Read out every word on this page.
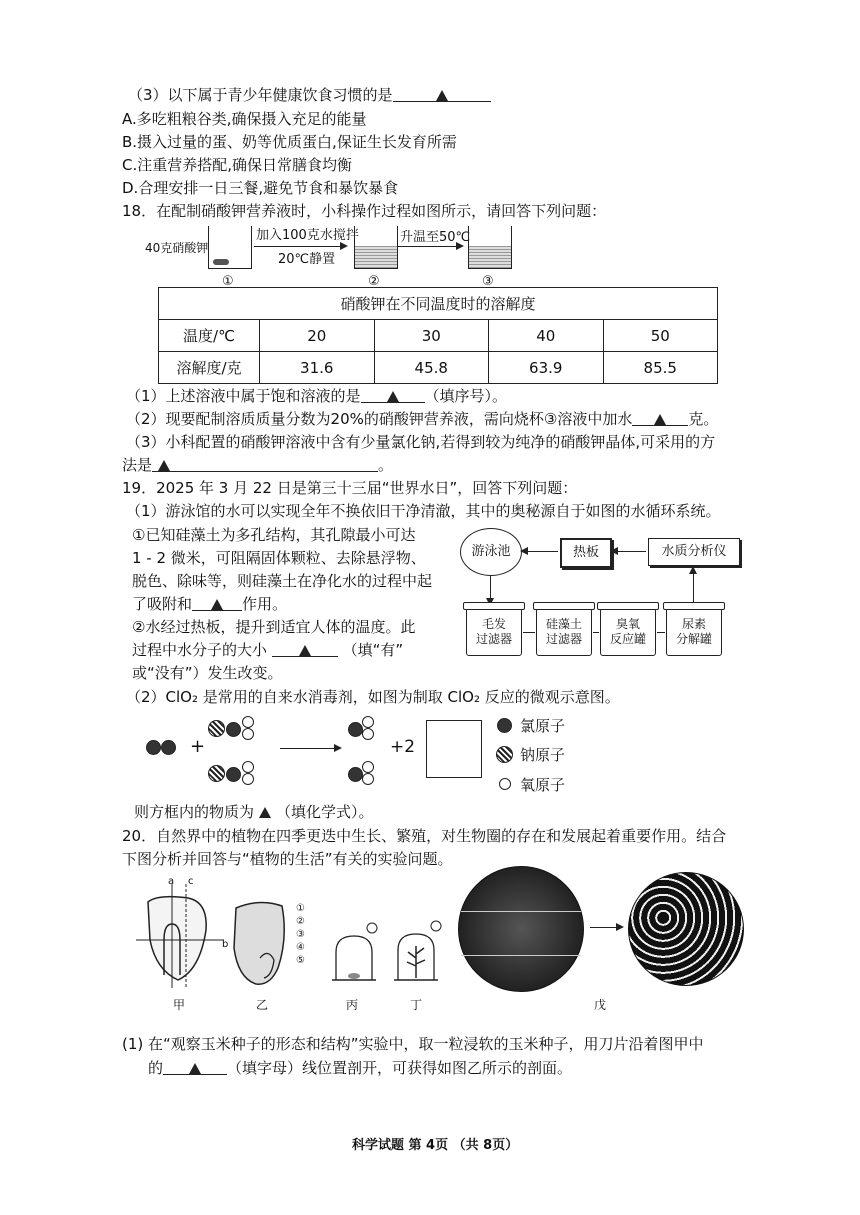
（3）以下属于青少年健康饮食习惯的是
A.多吃粗粮谷类,确保摄入充足的能量
B.摄入过量的蛋、奶等优质蛋白,保证生长发育所需
C.注重营养搭配,确保日常膳食均衡
D.合理安排一日三餐,避免节食和暴饮暴食
18．在配制硝酸钾营养液时，小科操作过程如图所示，请回答下列问题：
40克硝酸钾
加入100克水搅拌
20℃静置
升温至50℃
①	②	③
硝酸钾在不同温度时的溶解度				
温度/℃	20	30	40	50
溶解度/克	31.6	45.8	63.9	85.5
（1）上述溶液中属于饱和溶液的是	（填序号）。
（2）现要配制溶质质量分数为20%的硝酸钾营养液，需向烧杯③溶液中加水	克。
（3）小科配置的硝酸钾溶液中含有少量氯化钠,若得到较为纯净的硝酸钾晶体,可采用的方
法是	。
19．2025 年 3 月 22 日是第三十三届“世界水日”，回答下列问题：
（1）游泳馆的水可以实现全年不换依旧干净清澈，其中的奥秘源自于如图的水循环系统。
①已知硅藻土为多孔结构，其孔隙最小可达
1 - 2 微米，可阻隔固体颗粒、去除悬浮物、
脱色、除味等，则硅藻土在净化水的过程中起
了吸附和	作用。
②水经过热板，提升到适宜人体的温度。此
过程中水分子的大小	（填“有”
或“没有”）发生改变。
游泳池	热板	水质分析仪
毛发
过滤器
硅藻土
过滤器
臭氧
反应罐
尿素
分解罐
（2）ClO₂ 是常用的自来水消毒剂，如图为制取 ClO₂ 反应的微观示意图。
+	+2
氯原子
钠原子
氧原子
则方框内的物质为 （填化学式）。
20．自然界中的植物在四季更迭中生长、繁殖，对生物圈的存在和发展起着重要作用。结合
下图分析并回答与“植物的生活”有关的实验问题。
a c
b
①
②
③
④
⑤
甲	乙	丙	丁	戊
(1) 在“观察玉米种子的形态和结构”实验中，取一粒浸软的玉米种子，用刀片沿着图甲中
的	（填字母）线位置剖开，可获得如图乙所示的剖面。
科学试题 第 4页 （共 8页）
